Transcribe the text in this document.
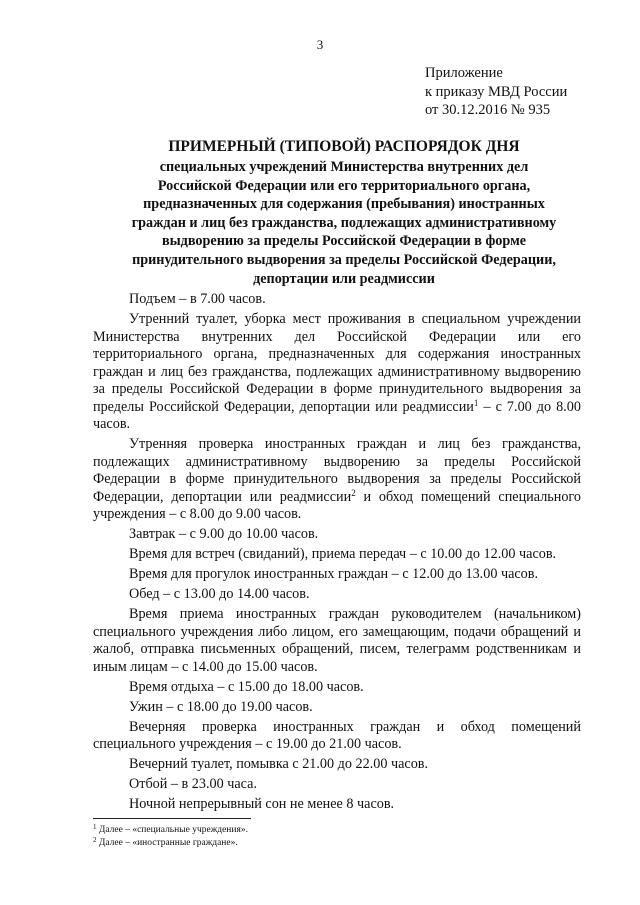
3
Приложение
к приказу МВД России
от 30.12.2016 № 935
ПРИМЕРНЫЙ (ТИПОВОЙ) РАСПОРЯДОК ДНЯ
специальных учреждений Министерства внутренних дел
Российской Федерации или его территориального органа,
предназначенных для содержания (пребывания) иностранных
граждан и лиц без гражданства, подлежащих административному
выдворению за пределы Российской Федерации в форме
принудительного выдворения за пределы Российской Федерации,
депортации или реадмиссии

Подъем – в 7.00 часов.

Утренний туалет, уборка мест проживания в специальном учреждении Министерства внутренних дел Российской Федерации или его территориального органа, предназначенных для содержания иностранных граждан и лиц без гражданства, подлежащих административному выдворению за пределы Российской Федерации в форме принудительного выдворения за пределы Российской Федерации, депортации или реадмиссии$^1$ – с 7.00 до 8.00 часов.

Утренняя проверка иностранных граждан и лиц без гражданства, подлежащих административному выдворению за пределы Российской Федерации в форме принудительного выдворения за пределы Российской Федерации, депортации или реадмиссии$^2$ и обход помещений специального учреждения – с 8.00 до 9.00 часов.

Завтрак – с 9.00 до 10.00 часов.

Время для встреч (свиданий), приема передач – с 10.00 до 12.00 часов.

Время для прогулок иностранных граждан – с 12.00 до 13.00 часов.

Обед – с 13.00 до 14.00 часов.

Время приема иностранных граждан руководителем (начальником) специального учреждения либо лицом, его замещающим, подачи обращений и жалоб, отправка письменных обращений, писем, телеграмм родственникам и иным лицам – с 14.00 до 15.00 часов.

Время отдыха – с 15.00 до 18.00 часов.

Ужин – с 18.00 до 19.00 часов.

Вечерняя проверка иностранных граждан и обход помещений специального учреждения – с 19.00 до 21.00 часов.

Вечерний туалет, помывка с 21.00 до 22.00 часов.

Отбой – в 23.00 часа.

Ночной непрерывный сон не менее 8 часов.

$^1$ Далее – «специальные учреждения».
$^2$ Далее – «иностранные граждане».
